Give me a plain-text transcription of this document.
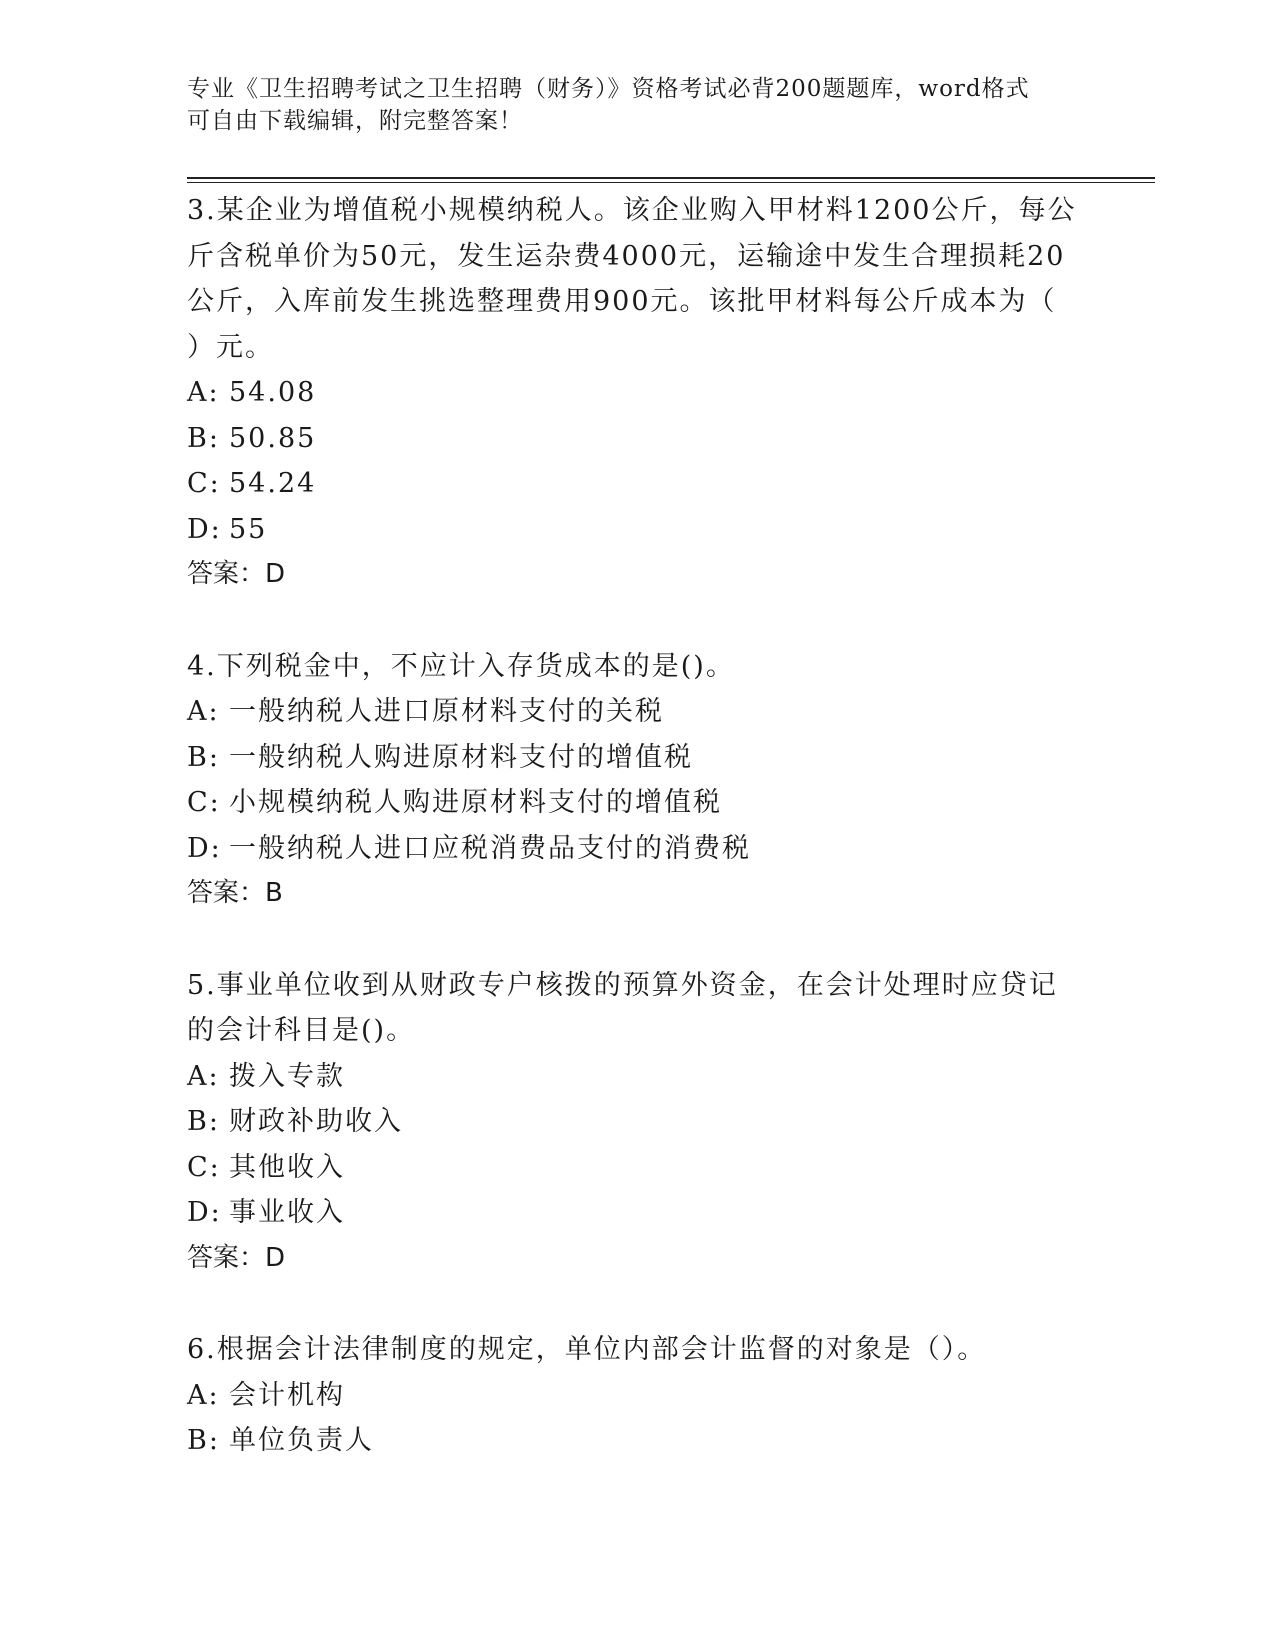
专业《卫生招聘考试之卫生招聘（财务）》资格考试必背200题题库，word格式
可自由下载编辑，附完整答案！

3.某企业为增值税小规模纳税人。该企业购入甲材料1200公斤，每公

斤含税单价为50元，发生运杂费4000元，运输途中发生合理损耗20

公斤，入库前发生挑选整理费用900元。该批甲材料每公斤成本为（

）元。

A: 54.08

B: 50.85

C: 54.24

D: 55

答案：D

4.下列税金中，不应计入存货成本的是()。

A: 一般纳税人进口原材料支付的关税

B: 一般纳税人购进原材料支付的增值税

C: 小规模纳税人购进原材料支付的增值税

D: 一般纳税人进口应税消费品支付的消费税

答案：B

5.事业单位收到从财政专户核拨的预算外资金，在会计处理时应贷记

的会计科目是()。

A: 拨入专款

B: 财政补助收入

C: 其他收入

D: 事业收入

答案：D

6.根据会计法律制度的规定，单位内部会计监督的对象是（）。

A: 会计机构

B: 单位负责人
